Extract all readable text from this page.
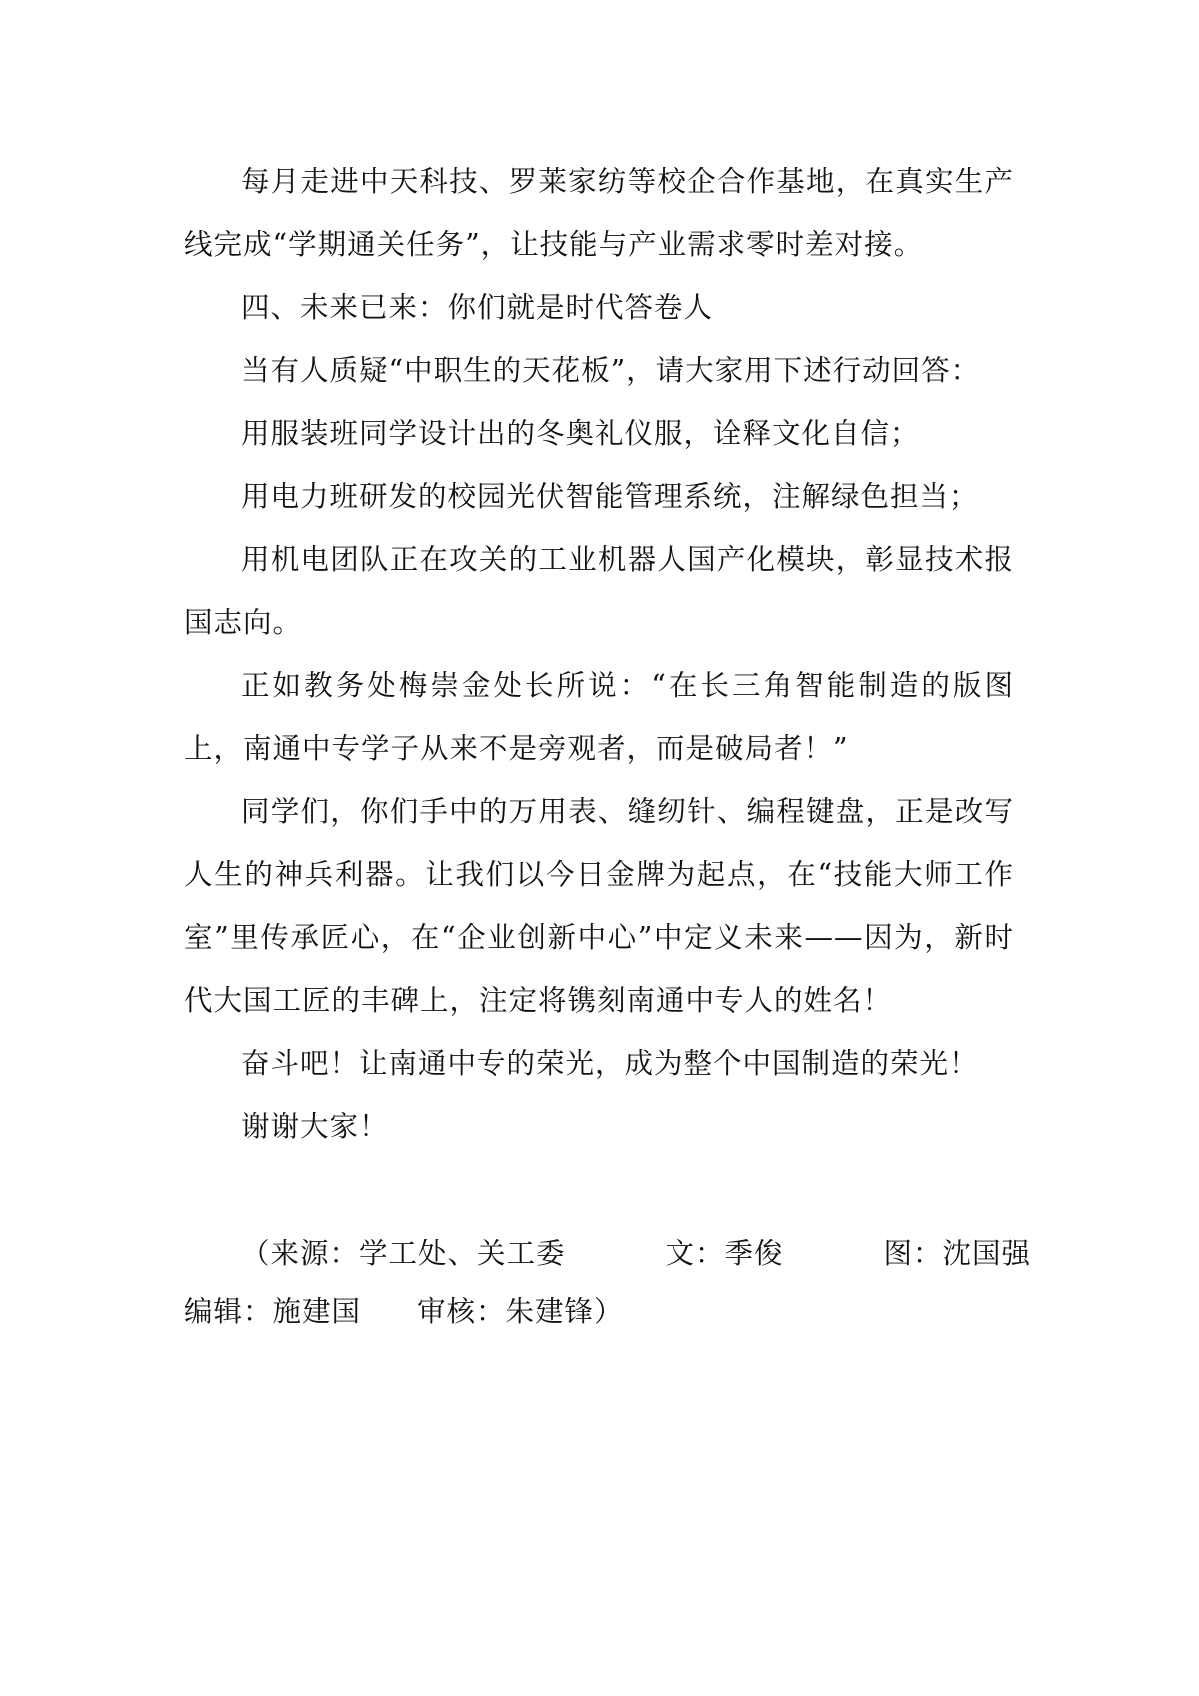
每月走进中天科技、罗莱家纺等校企合作基地，在真实生产线完成“学期通关任务”，让技能与产业需求零时差对接。

四、未来已来：你们就是时代答卷人

当有人质疑“中职生的天花板”，请大家用下述行动回答：

用服装班同学设计出的冬奥礼仪服，诠释文化自信；

用电力班研发的校园光伏智能管理系统，注解绿色担当；

用机电团队正在攻关的工业机器人国产化模块，彰显技术报国志向。

正如教务处梅崇金处长所说：“在长三角智能制造的版图上，南通中专学子从来不是旁观者，而是破局者！”

同学们，你们手中的万用表、缝纫针、编程键盘，正是改写人生的神兵利器。让我们以今日金牌为起点，在“技能大师工作室”里传承匠心，在“企业创新中心”中定义未来——因为，新时代大国工匠的丰碑上，注定将镌刻南通中专人的姓名！

奋斗吧！让南通中专的荣光，成为整个中国制造的荣光！

谢谢大家！

（来源：学工处、关工委	文：季俊	图：沈国强

编辑：施建国 审核：朱建锋）
